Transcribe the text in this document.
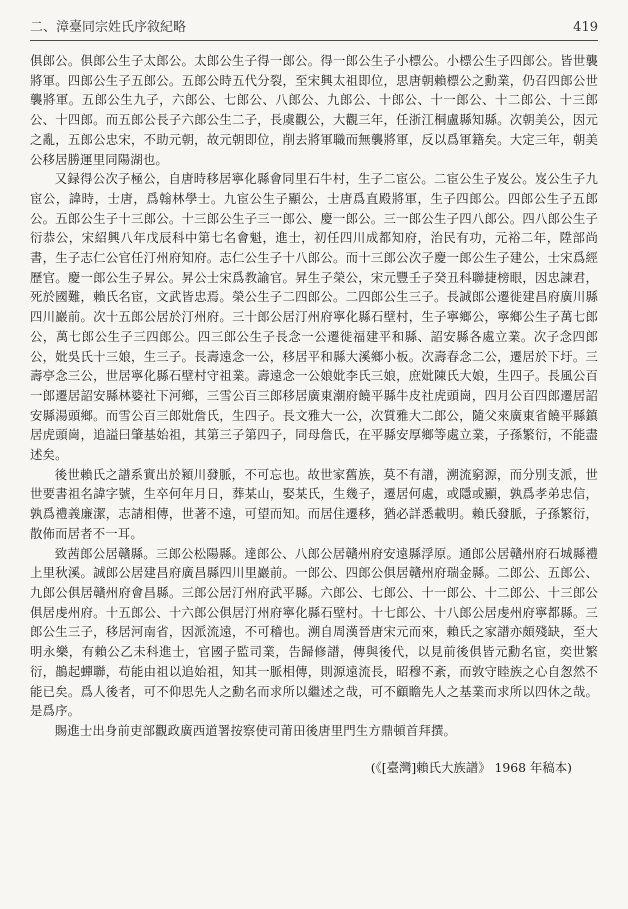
二、漳臺同宗姓氏序敘紀略	419

俱郎公。俱郎公生子太郎公。太郎公生子得一郎公。得一郎公生子小標公。小標公生子四郎公。皆世襲將軍。四郎公生子五郎公。五郎公時五代分裂，至宋興太祖即位，思唐朝賴標公之勳業，仍召四郎公世襲將軍。五郎公生九子，六郎公、七郎公、八郎公、九郎公、十郎公、十一郎公、十二郎公、十三郎公、十四郎。而五郎公長子六郎公生二子，長虞觀公，大觀三年，任浙江桐盧縣知縣。次朝美公，因元之亂，五郎公忠宋，不助元朝，故元朝即位，削去將軍職而無襲將軍，反以爲軍籍矣。大定三年，朝美公移居勝運里同陽湖也。

又録得公次子極公，自唐時移居寧化縣會同里石牛村，生子二宦公。二宦公生子岌公。岌公生子九宦公，諱時，士唐，爲翰林學士。九宦公生子顯公，士唐爲直殿將軍，生子四郎公。四郎公生子五郎公。五郎公生子十三郎公。十三郎公生子三一郎公、慶一郎公。三一郎公生子四八郎公。四八郎公生子衍恭公，宋紹興八年戊辰科中第七名會魁，進士，初任四川成都知府，治民有功，元裕二年，陞部尚書，生子志仁公官任汀州府知府。志仁公生子十八郎公。而十三郎公次子慶一郎公生子建公，士宋爲經歷官。慶一郎公生子昇公。昇公士宋爲教諭官。昇生子榮公，宋元豐壬子癸丑科聯捷榜眼，因忠諫君，死於國難，賴氏名宦，文武皆忠焉。榮公生子二四郎公。二四郎公生三子。長誠郎公遷徙建昌府廣川縣四川巖前。次十五郎公居於汀州府。三十郎公居汀州府寧化縣石壁村，生子寧鄉公，寧鄉公生子萬七郎公，萬七郎公生子三四郎公。四三郎公生子長念一公遷徙福建平和縣、詔安縣各處立業。次子念四郎公，妣吳氏十三娘，生三子。長壽遠念一公，移居平和縣大溪鄉小板。次壽春念二公，遷居於下圩。三壽亭念三公，世居寧化縣石壁村守祖業。壽遠念一公娘妣李氏三娘，庶妣陳氏大娘，生四子。長風公百一郎遷居詔安縣林婆社下河鄉，三雪公百三郎移居廣東潮府饒平縣牛皮社虎頭崗，四月公百四郎遷居詔安縣湯頭鄉。而雪公百三郎妣詹氏，生四子。長文雅大一公，次質雅大二郎公，隨父來廣東省饒平縣鎮居虎頭崗，追謚曰肇基始祖，其第三子第四子，同母詹氏，在平縣安厚鄉等處立業，子孫繁衍，不能盡述矣。

後世賴氏之譜系實出於潁川發脈，不可忘也。故世家舊族，莫不有譜，溯流窮源，而分別支派，世世要書祖名諱字號，生卒何年月日，葬某山，娶某氏，生幾子，遷居何處，或隱或顯，孰爲孝弟忠信，孰爲禮義廉潔，志請相傳，世著不遠，可望而知。而居住遷移，猶必詳悉載明。賴氏發脈，子孫繁衍，散佈而居者不一耳。

致茜郎公居贛縣。三郎公松陽縣。達郎公、八郎公居贛州府安遠縣浮原。通郎公居贛州府石城縣禮上里秋溪。誠郎公居建昌府廣昌縣四川里巖前。一郎公、四郎公俱居贛州府瑞金縣。二郎公、五郎公、九郎公俱居贛州府會昌縣。三郎公居汀州府武平縣。六郎公、七郎公、十一郎公、十二郎公、十三郎公俱居虔州府。十五郎公、十六郎公俱居汀州府寧化縣石壁村。十七郎公、十八郎公居虔州府寧都縣。三郎公生三子，移居河南省，因派流遠，不可稽也。溯自周漢晉唐宋元而來，賴氏之家譜亦頗殘缺，至大明永樂，有賴公乙未科進士，官國子監司業，告歸修譜，傳與後代，以見前後俱皆元勳名宦，奕世繁衍，鵲起蟬聯，苟能由祖以追始祖，知其一脈相傳，則源遠流長，昭穆不紊，而敦守睦族之心自怱然不能已矣。爲人後者，可不仰思先人之勳名而求所以繼述之哉，可不顧瞻先人之基業而求所以四休之哉。是爲序。

賜進士出身前吏部觀政廣西道署按察使司莆田後唐里門生方鼎頓首拜撰。

(《[臺灣]賴氏大族譜》 1968 年稿本)
